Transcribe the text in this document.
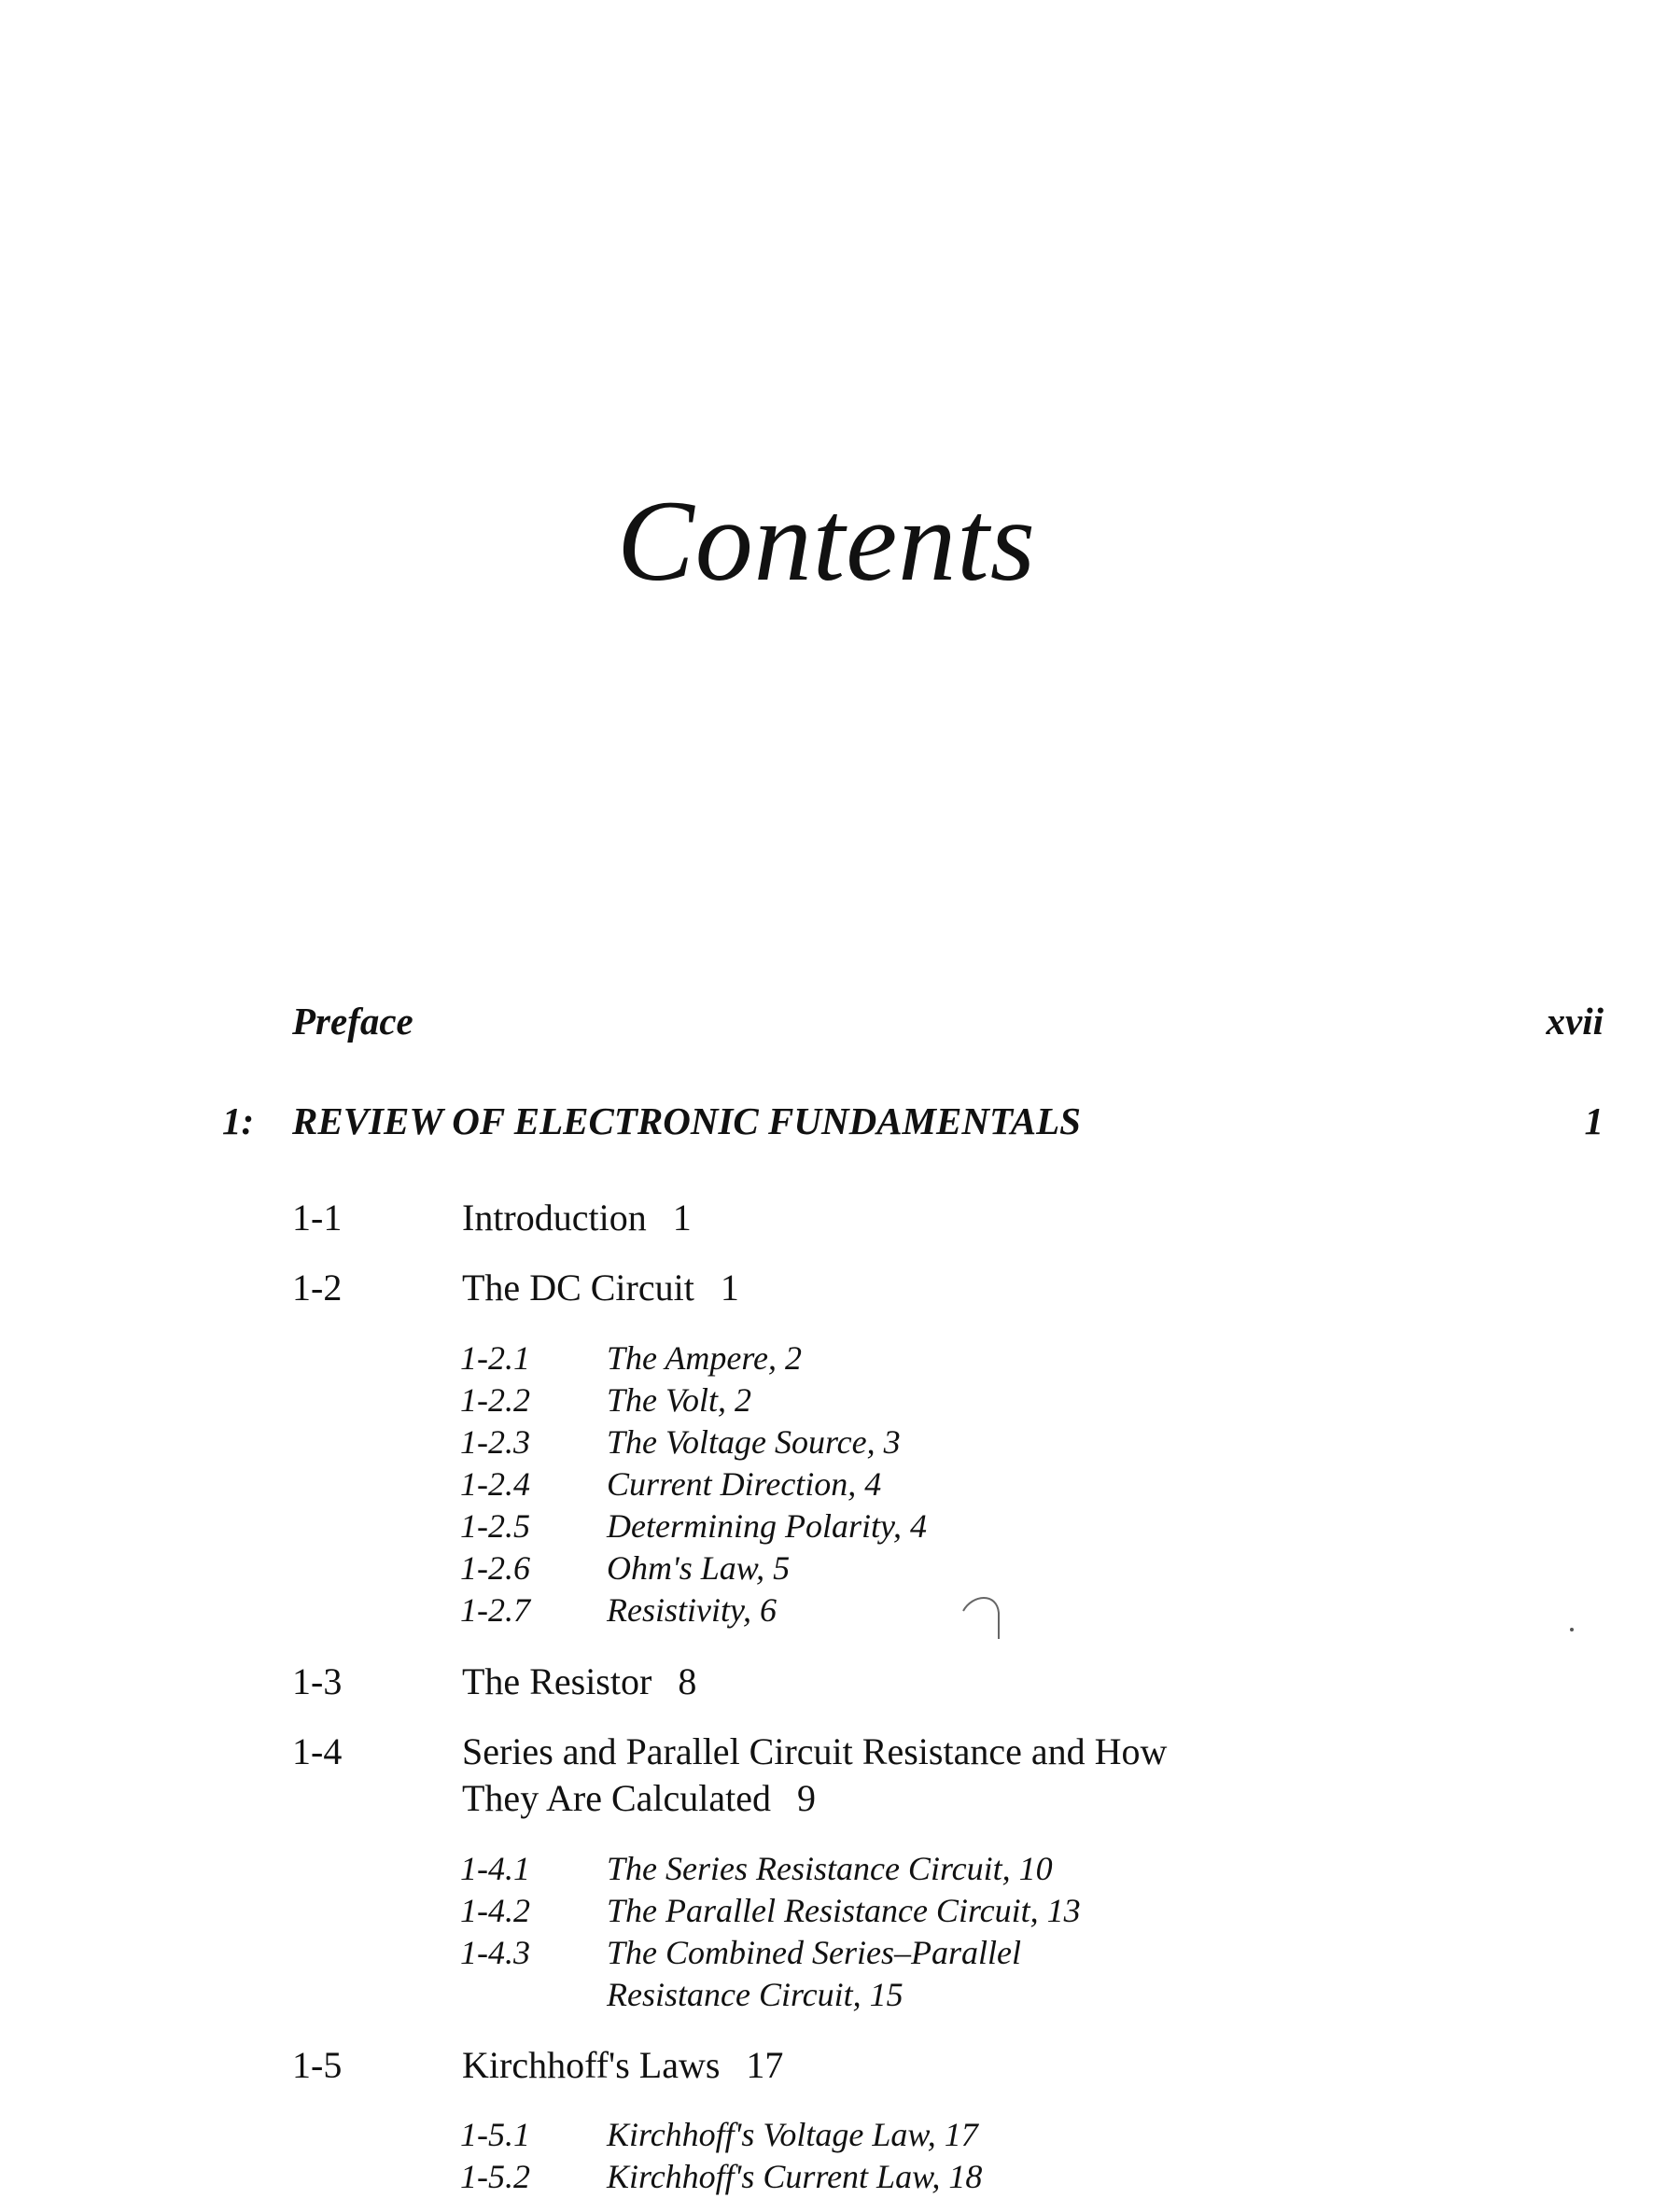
Contents
Preface	xvii
1: REVIEW OF ELECTRONIC FUNDAMENTALS	1
1-1	Introduction 1
1-2	The DC Circuit 1
1-2.1 The Ampere, 2
1-2.2 The Volt, 2
1-2.3 The Voltage Source, 3
1-2.4 Current Direction, 4
1-2.5 Determining Polarity, 4
1-2.6 Ohm's Law, 5
1-2.7 Resistivity, 6
1-3	The Resistor 8
1-4	Series and Parallel Circuit Resistance and How
They Are Calculated 9
1-4.1 The Series Resistance Circuit, 10
1-4.2 The Parallel Resistance Circuit, 13
1-4.3 The Combined Series–Parallel
Resistance Circuit, 15
1-5	Kirchhoff's Laws 17
1-5.1 Kirchhoff's Voltage Law, 17
1-5.2 Kirchhoff's Current Law, 18
